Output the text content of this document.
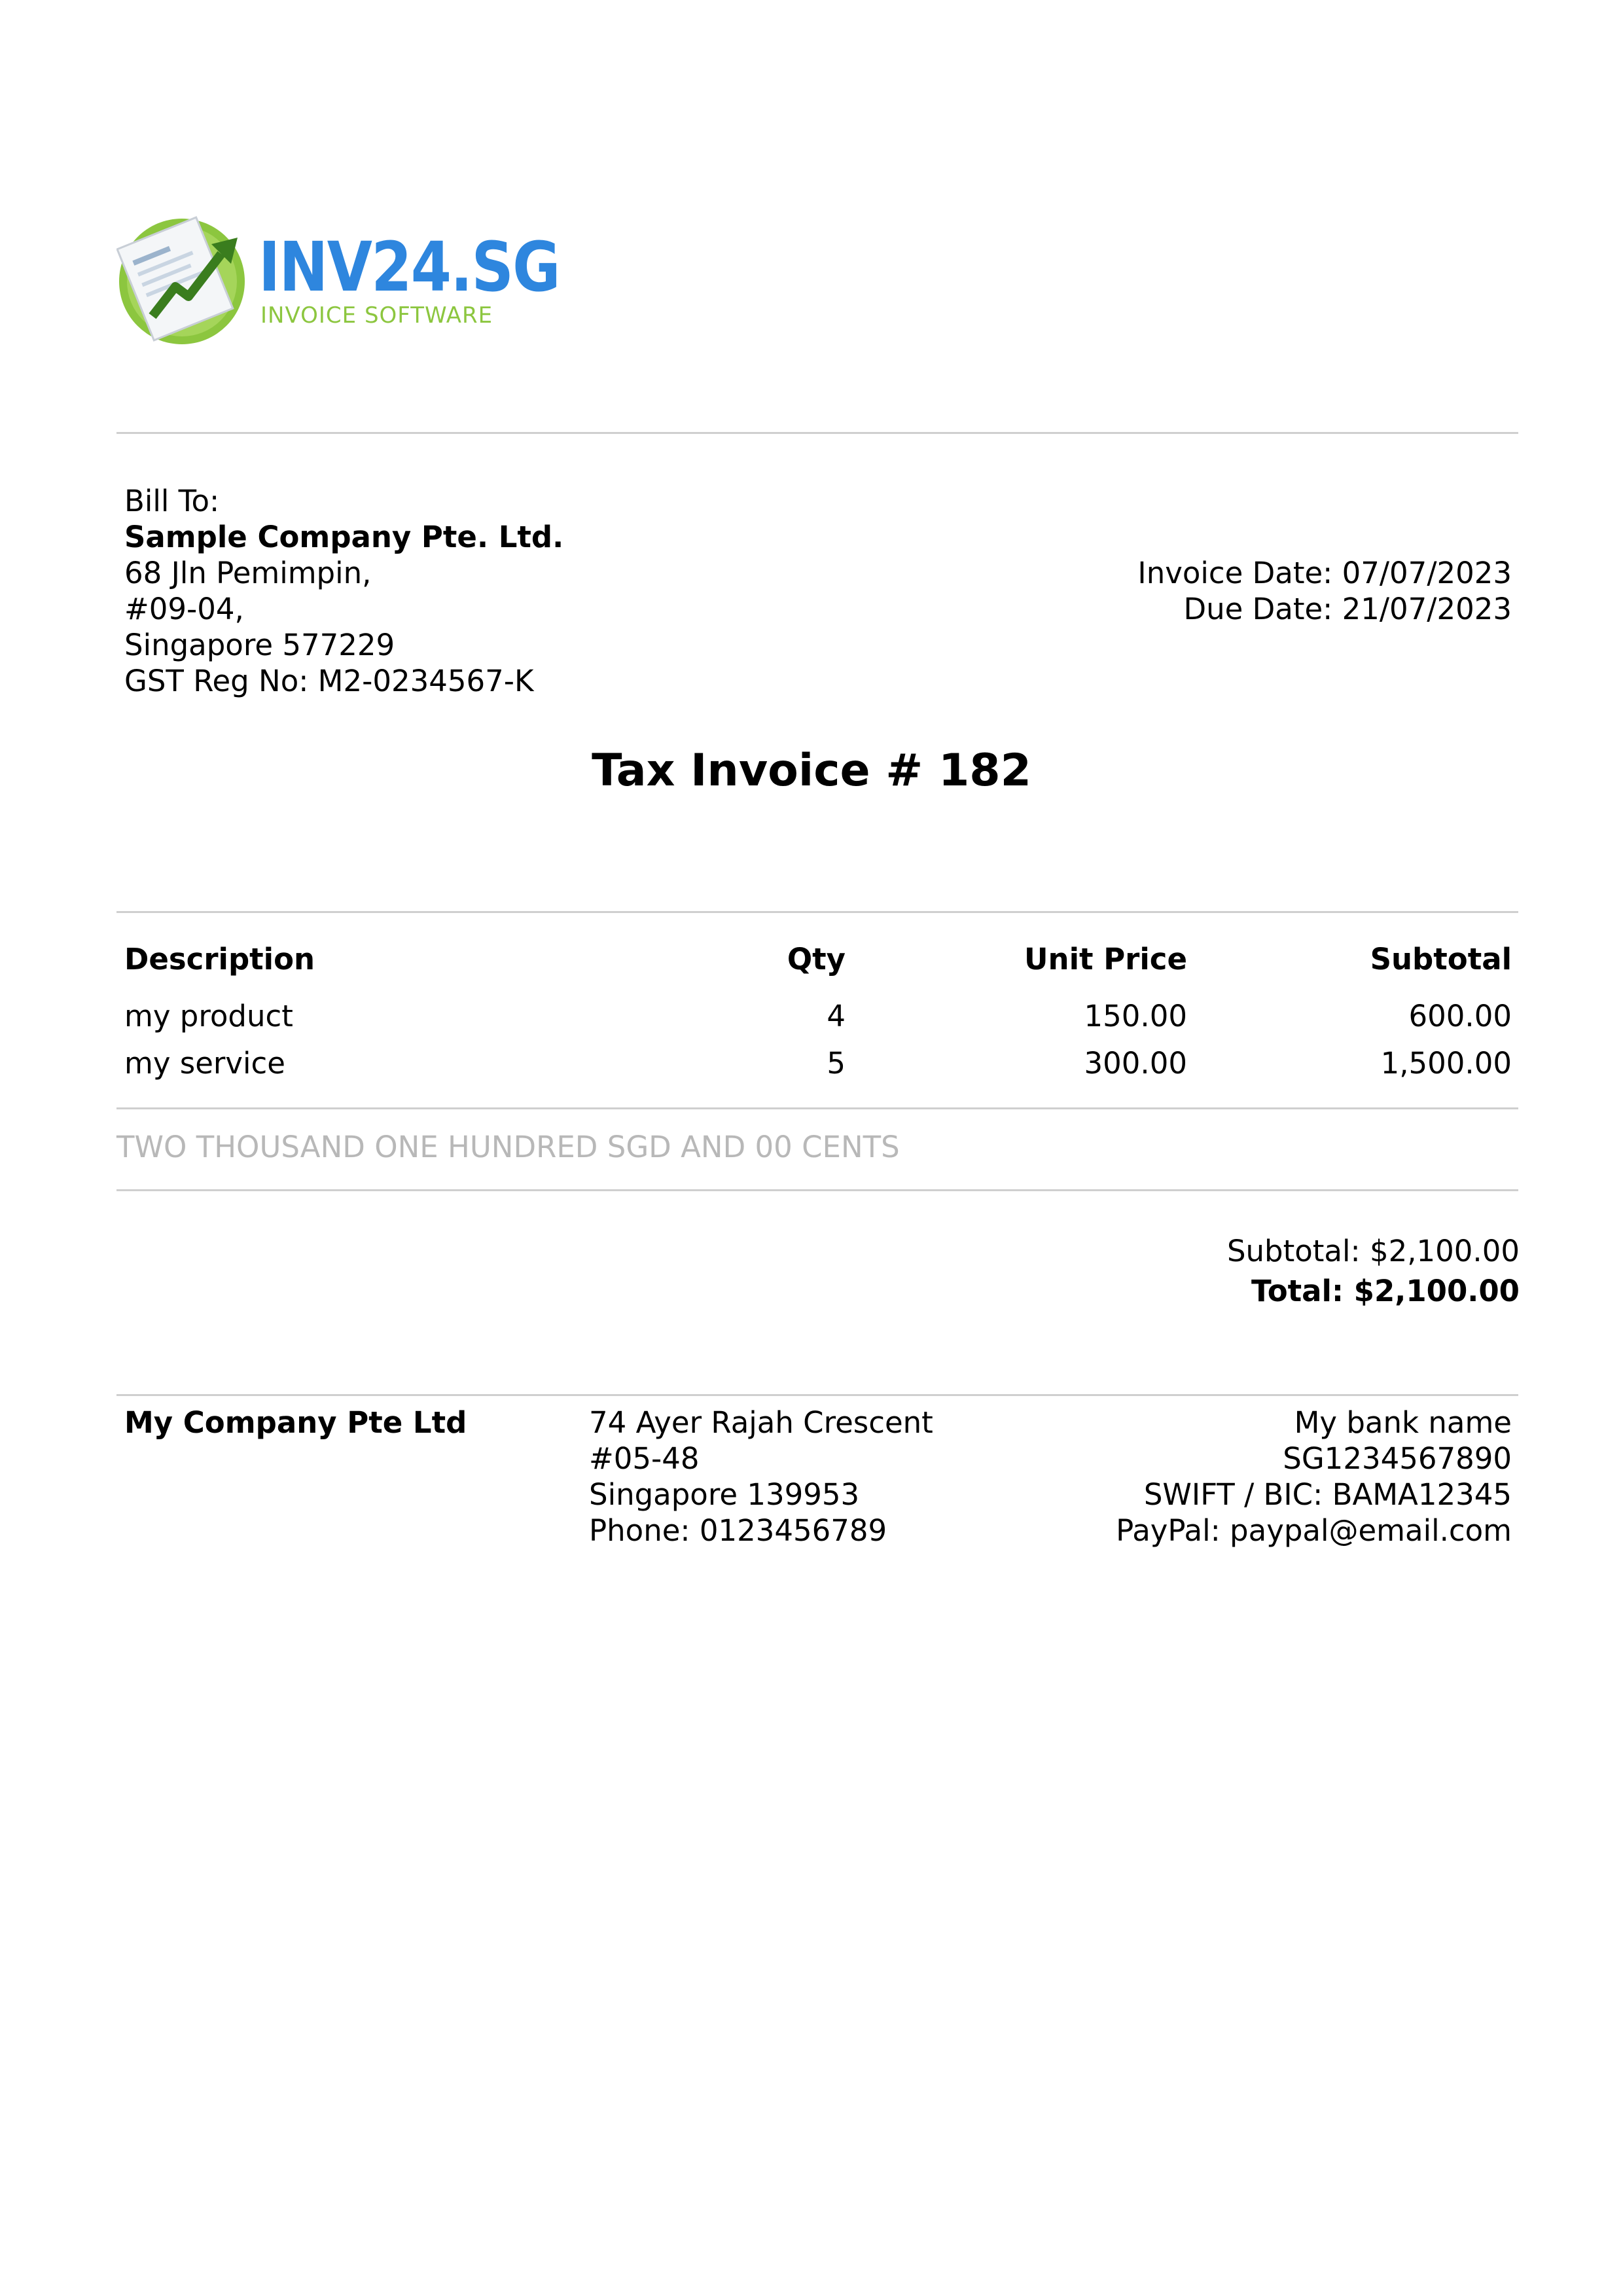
INV24.SG
INVOICE SOFTWARE
Bill To:
Sample Company Pte. Ltd.
68 Jln Pemimpin,
#09-04,
Singapore 577229
GST Reg No: M2-0234567-K
Invoice Date: 07/07/2023
Due Date: 21/07/2023
Tax Invoice # 182
Description	Qty	Unit Price	Subtotal
my product	4	150.00	600.00
my service	5	300.00	1,500.00
TWO THOUSAND ONE HUNDRED SGD AND 00 CENTS
Subtotal: $2,100.00
Total: $2,100.00
My Company Pte Ltd	74 Ayer Rajah Crescent
#05-48
Singapore 139953
Phone: 0123456789
My bank name
SG1234567890
SWIFT / BIC: BAMA12345
PayPal: paypal@email.com
